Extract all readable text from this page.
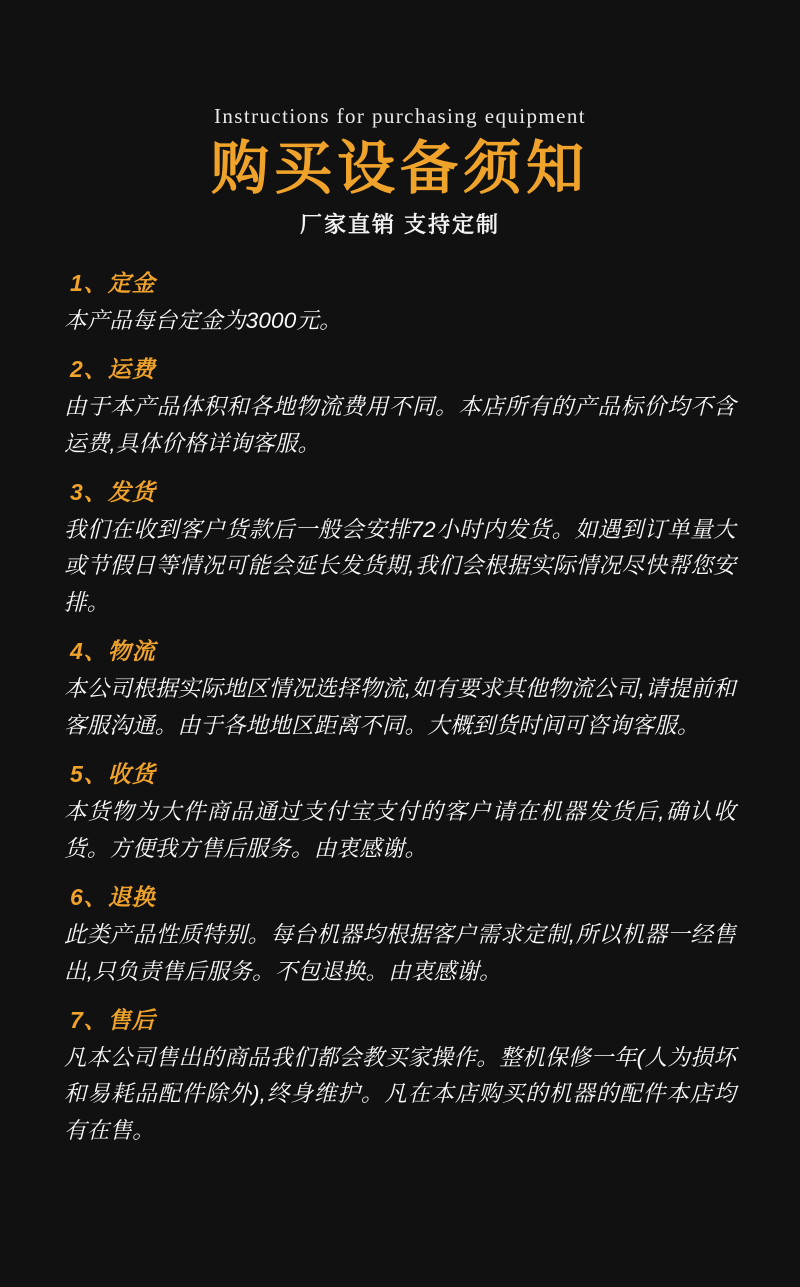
Instructions for purchasing equipment

购买设备须知

厂家直销 支持定制

1、定金

本产品每台定金为3000元。

2、运费

由于本产品体积和各地物流费用不同。本店所有的产品标价均不含运费,具体价格详询客服。

3、发货

我们在收到客户货款后一般会安排72小时内发货。如遇到订单量大或节假日等情况可能会延长发货期,我们会根据实际情况尽快帮您安排。

4、物流

本公司根据实际地区情况选择物流,如有要求其他物流公司,请提前和客服沟通。由于各地地区距离不同。大概到货时间可咨询客服。

5、收货

本货物为大件商品通过支付宝支付的客户请在机器发货后,确认收货。方便我方售后服务。由衷感谢。

6、退换

此类产品性质特别。每台机器均根据客户需求定制,所以机器一经售出,只负责售后服务。不包退换。由衷感谢。

7、售后

凡本公司售出的商品我们都会教买家操作。整机保修一年(人为损坏和易耗品配件除外),终身维护。凡在本店购买的机器的配件本店均有在售。
